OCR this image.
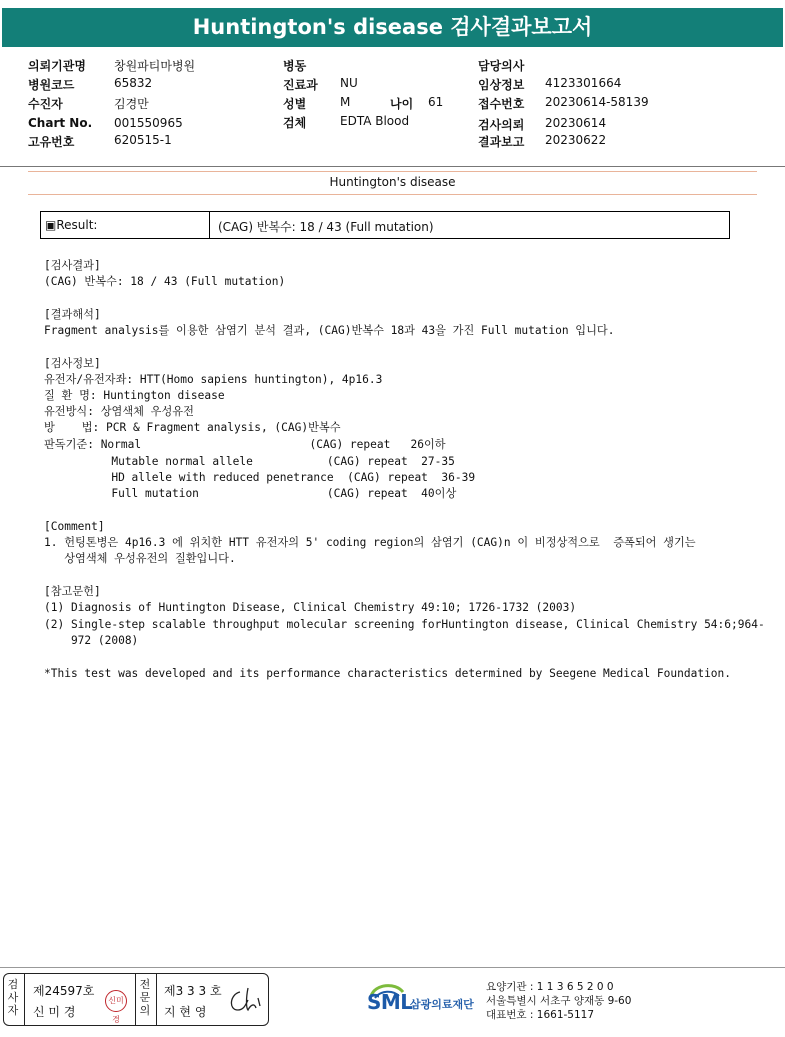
Huntington's disease 검사결과보고서
의뢰기관명 창원파티마병원
병원코드	65832
수진자	김경만
Chart No. 001550965
고유번호	620515-1
병동
진료과 NU
성별	M	나이 61
검체	EDTA Blood
담당의사
임상정보 4123301664
접수번호 20230614-58139
검사의뢰 20230614
결과보고 20230622
Huntington's disease
▣Result:	(CAG) 반복수: 18 / 43 (Full mutation)
[검사결과]
(CAG) 반복수: 18 / 43 (Full mutation)
[결과해석]
Fragment analysis를 이용한 삼염기 분석 결과, (CAG)반복수 18과 43을 가진 Full mutation 입니다.
[검사정보]
유전자/유전자좌: HTT(Homo sapiens huntington), 4p16.3
질 환 명: Huntington disease
유전방식: 상염색체 우성유전
방    법: PCR & Fragment analysis, (CAG)반복수
판독기준: Normal                         (CAG) repeat   26이하
Mutable normal allele           (CAG) repeat  27-35
HD allele with reduced penetrance  (CAG) repeat  36-39
Full mutation                   (CAG) repeat  40이상
[Comment]
1. 헌팅톤병은 4p16.3 에 위치한 HTT 유전자의 5' coding region의 삼염기 (CAG)n 이 비정상적으로  증폭되어 생기는
상염색체 우성유전의 질환입니다.
[참고문헌]
(1) Diagnosis of Huntington Disease, Clinical Chemistry 49:10; 1726-1732 (2003)
(2) Single-step scalable throughput molecular screening forHuntington disease, Clinical Chemistry 54:6;964-
972 (2008)
*This test was developed and its performance characteristics determined by Seegene Medical Foundation.
검사자
제24597호
신 미 경
신미경
전문의
제3 3 3 호
지 현 영	SML
삼광의료재단
요양기관 : 1 1 3 6 5 2 0 0
서울특별시 서초구 양재동 9-60
대표번호 : 1661-5117
